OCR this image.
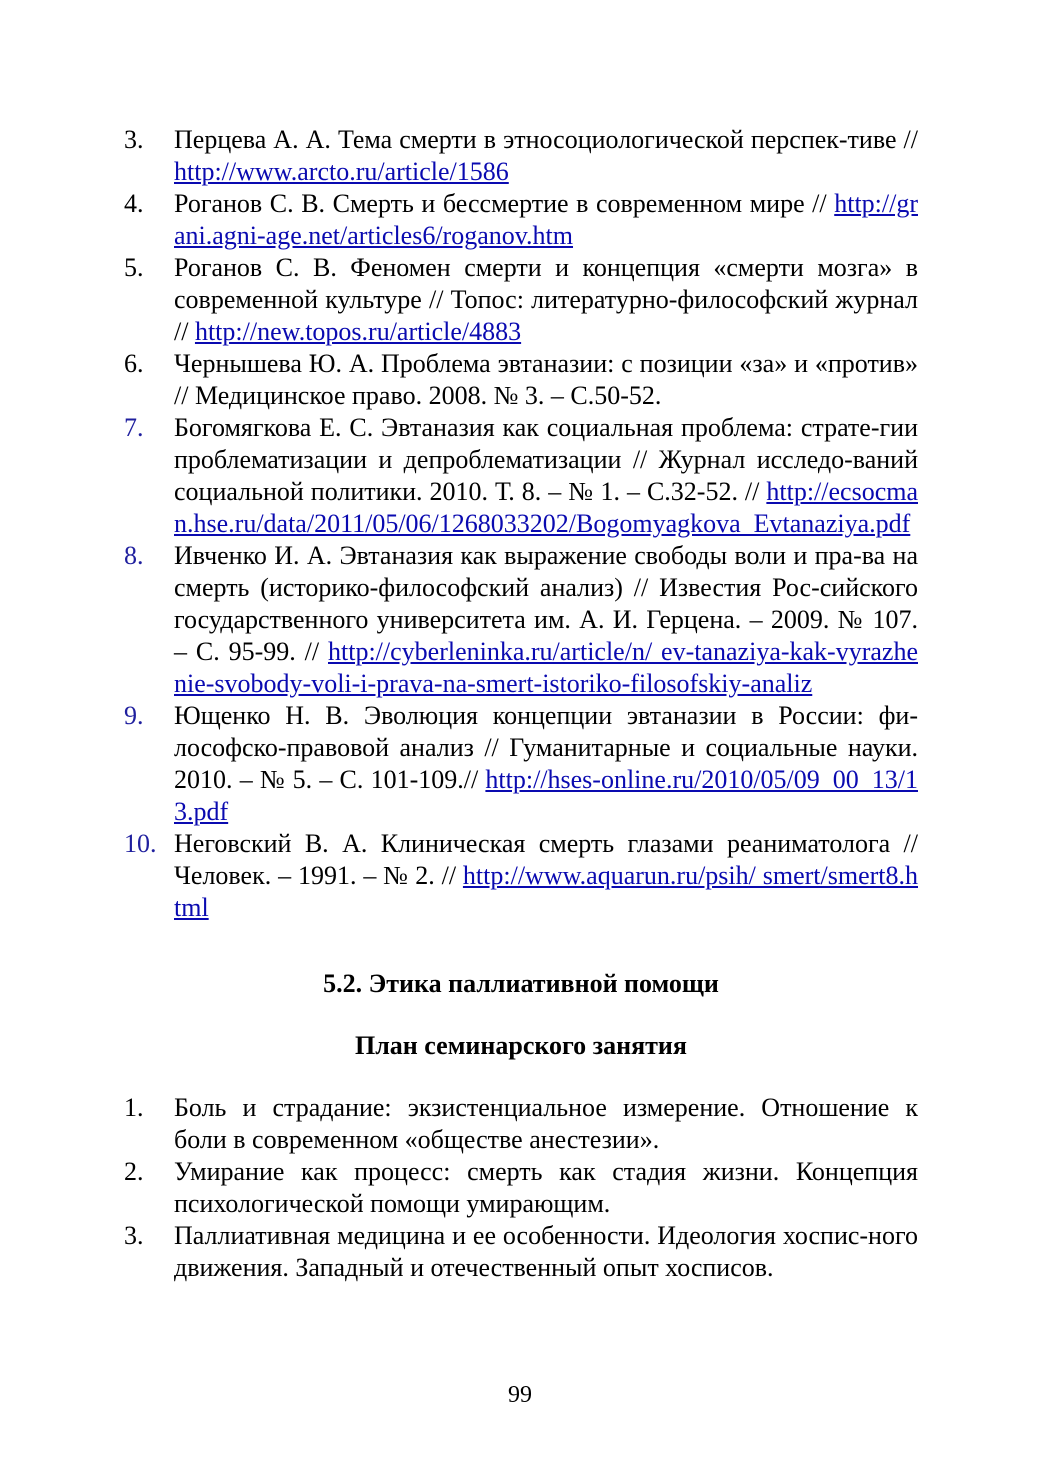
3. Перцева А. А. Тема смерти в этносоциологической перспек-тиве // http://www.arcto.ru/article/1586
4. Роганов С. В. Смерть и бессмертие в современном мире // http://grani.agni-age.net/articles6/roganov.htm
5. Роганов С. В. Феномен смерти и концепция «смерти мозга» в современной культуре // Топос: литературно-философский журнал // http://new.topos.ru/article/4883
6. Чернышева Ю. А. Проблема эвтаназии: с позиции «за» и «против» // Медицинское право. 2008. № 3. – С.50-52.
7. Богомягкова Е. С. Эвтаназия как социальная проблема: страте-гии проблематизации и депроблематизации // Журнал исследо-ваний социальной политики. 2010. Т. 8. – № 1. – С.32-52. // http://ecsocman.hse.ru/data/2011/05/06/1268033202/Bogomyagkova_Evtanaziya.pdf
8. Ивченко И. А. Эвтаназия как выражение свободы воли и пра-ва на смерть (историко-философский анализ) // Известия Рос-сийского государственного университета им. А. И. Герцена. – 2009. № 107. – С. 95-99. // http://cyberleninka.ru/article/n/ ev-tanaziya-kak-vyrazhenie-svobody-voli-i-prava-na-smert-istoriko-filosofskiy-analiz
9. Ющенко Н. В. Эволюция концепции эвтаназии в России: фи-лософско-правовой анализ // Гуманитарные и социальные науки. 2010. – № 5. – С. 101-109.// http://hses-online.ru/2010/05/09_00_13/13.pdf
10. Неговский В. А. Клиническая смерть глазами реаниматолога // Человек. – 1991. – № 2. // http://www.aquarun.ru/psih/ smert/smert8.html

5.2. Этика паллиативной помощи

План семинарского занятия

1. Боль и страдание: экзистенциальное измерение. Отношение к боли в современном «обществе анестезии».
2. Умирание как процесс: смерть как стадия жизни. Концепция психологической помощи умирающим.
3. Паллиативная медицина и ее особенности. Идеология хоспис-ного движения. Западный и отечественный опыт хосписов.
99
